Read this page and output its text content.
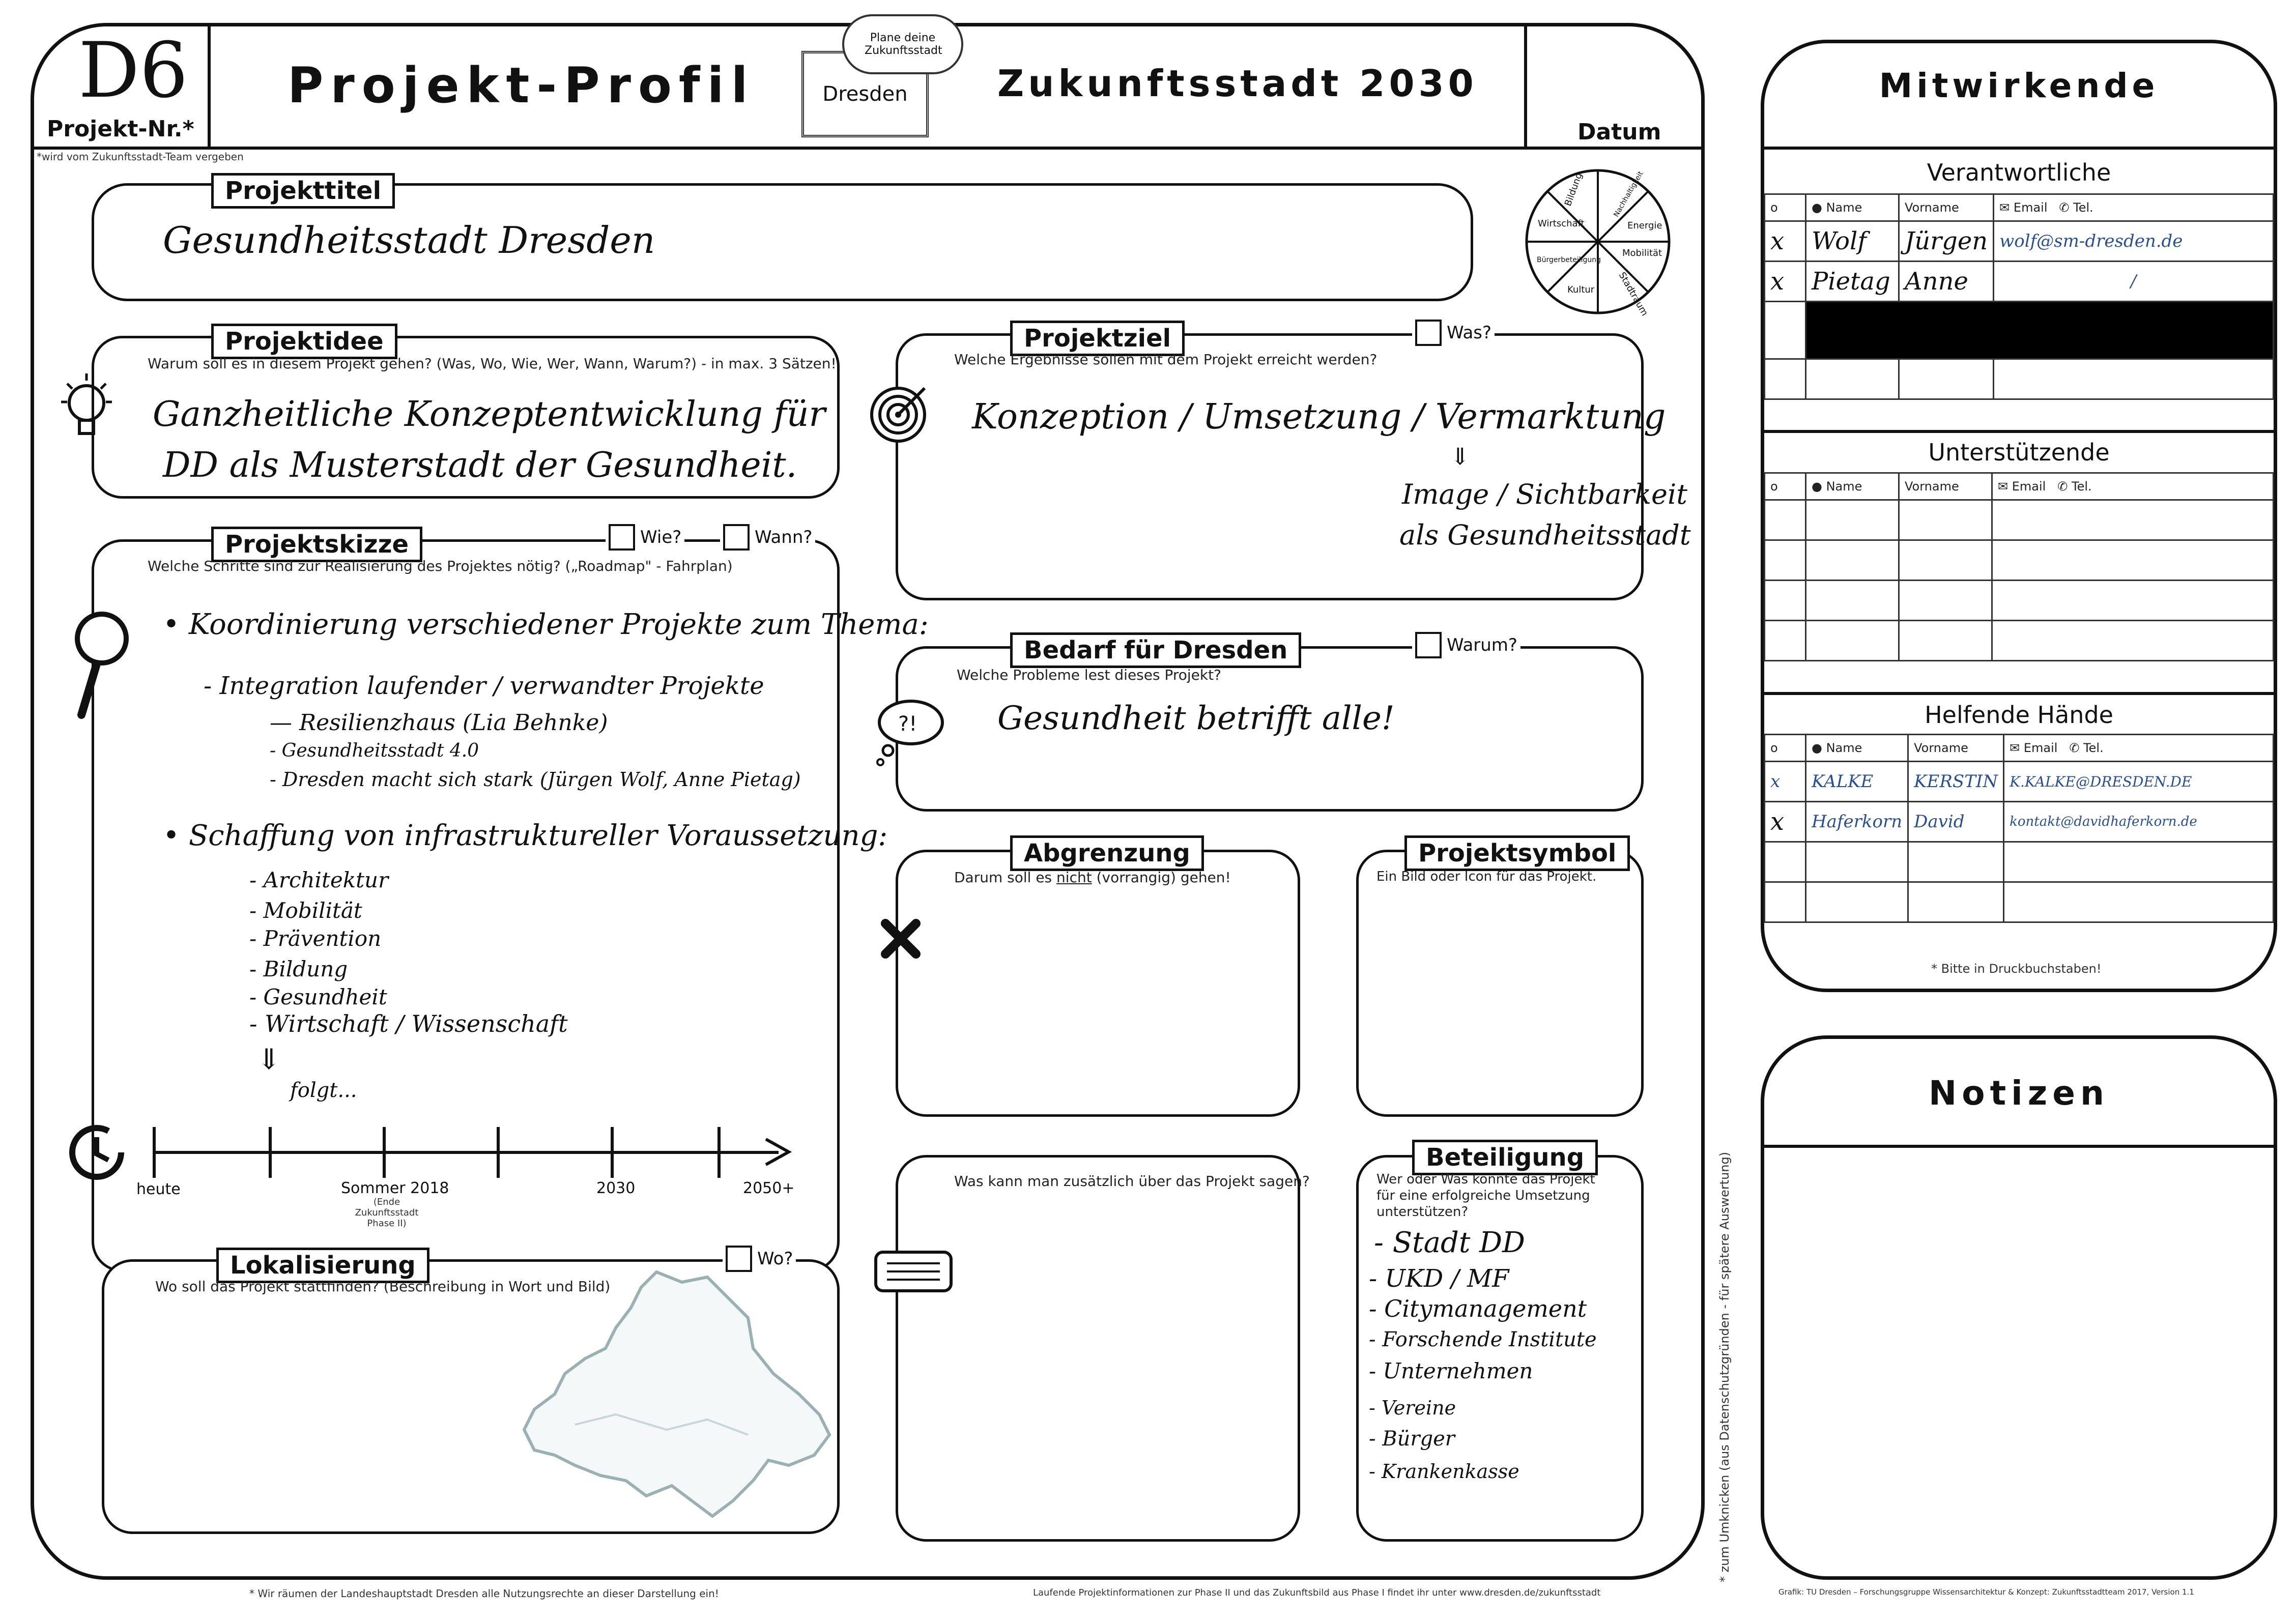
D6
Projekt-Nr.*
*wird vom Zukunftsstadt-Team vergeben
Projekt-Profil	Dresden
Plane deine Zukunftsstadt
Zukunftsstadt 2030
Datum
Bildung
Wirtschaft
Bürgerbeteiligung
Kultur Stadtraum
Mobilität
Energie
Nachhaltigkeit
Projekttitel
Gesundheitsstadt Dresden
Projektidee
Warum soll es in diesem Projekt gehen? (Was, Wo, Wie, Wer, Wann, Warum?) - in max. 3 Sätzen!
Ganzheitliche Konzeptentwicklung für
DD als Musterstadt der Gesundheit.
Projektziel	Was?
Welche Ergebnisse sollen mit dem Projekt erreicht werden?
Konzeption / Umsetzung / Vermarktung
⇓
Image / Sichtbarkeit
als Gesundheitsstadt
Projektskizze	Wie?	Wann?
Welche Schritte sind zur Realisierung des Projektes nötig? („Roadmap" - Fahrplan)
• Koordinierung verschiedener Projekte zum Thema:
- Integration laufender / verwandter Projekte
— Resilienzhaus (Lia Behnke)
- Gesundheitsstadt 4.0
- Dresden macht sich stark (Jürgen Wolf, Anne Pietag)
• Schaffung von infrastruktureller Voraussetzung:
- Architektur
- Mobilität
- Prävention
- Bildung
- Gesundheit
- Wirtschaft / Wissenschaft
⇓
folgt...
heute	Sommer 2018
(Ende Zukunftsstadt Phase II)
2030	2050+
Lokalisierung	Wo?
Wo soll das Projekt stattfinden? (Beschreibung in Wort und Bild)
Bedarf für Dresden	Warum?
Welche Probleme lest dieses Projekt?
?! Gesundheit betrifft alle!
Abgrenzung
Darum soll es nicht (vorrangig) gehen!
Projektsymbol
Ein Bild oder Icon für das Projekt.
Was kann man zusätzlich über das Projekt sagen?
Beteiligung
Wer oder Was konnte das Projekt für eine erfolgreiche Umsetzung unterstützen?
- Stadt DD
- UKD / MF
- Citymanagement
- Forschende Institute
- Unternehmen
- Vereine
- Bürger
- Krankenkasse
* Wir räumen der Landeshauptstadt Dresden alle Nutzungsrechte an dieser Darstellung ein!	Laufende Projektinformationen zur Phase II und das Zukunftsbild aus Phase I findet ihr unter www.dresden.de/zukunftsstadt	Grafik: TU Dresden – Forschungsgruppe Wissensarchitektur & Konzept: Zukunftsstadtteam 2017, Version 1.1
* zum Umknicken (aus Datenschutzgründen - für spätere Auswertung)
Mitwirkende
Verantwortliche
o	● Name	Vorname	✉ Email ✆ Tel.
x	Wolf	Jürgen	wolf@sm-dresden.de
x	Pietag	Anne	/

Unterstützende
o	● Name	Vorname	✉ Email ✆ Tel.

Helfende Hände
o	● Name	Vorname	✉ Email ✆ Tel.
x	KALKE	KERSTIN	K.KALKE@DRESDEN.DE
x	Haferkorn	David	kontakt@davidhaferkorn.de

* Bitte in Druckbuchstaben!
Notizen
